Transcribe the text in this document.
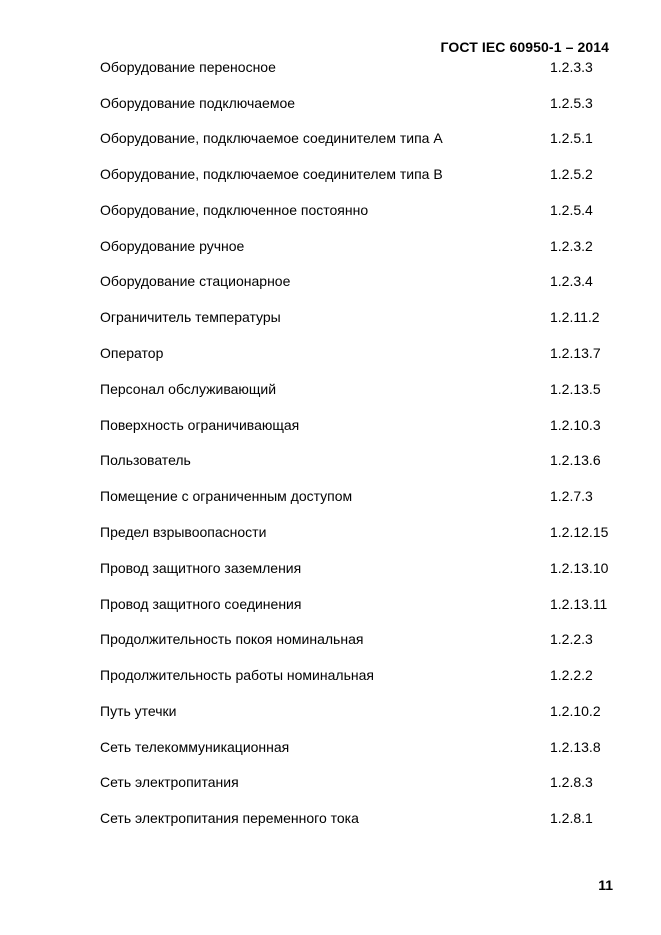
ГОСТ IEC 60950-1 – 2014
Оборудование переносное	1.2.3.3
Оборудование подключаемое	1.2.5.3
Оборудование, подключаемое соединителем типа А	1.2.5.1
Оборудование, подключаемое соединителем типа В	1.2.5.2
Оборудование, подключенное постоянно	1.2.5.4
Оборудование ручное	1.2.3.2
Оборудование стационарное	1.2.3.4
Ограничитель температуры	1.2.11.2
Оператор	1.2.13.7
Персонал обслуживающий	1.2.13.5
Поверхность ограничивающая	1.2.10.3
Пользователь	1.2.13.6
Помещение с ограниченным доступом	1.2.7.3
Предел взрывоопасности	1.2.12.15
Провод защитного заземления	1.2.13.10
Провод защитного соединения	1.2.13.11
Продолжительность покоя номинальная	1.2.2.3
Продолжительность работы номинальная	1.2.2.2
Путь утечки	1.2.10.2
Сеть телекоммуникационная	1.2.13.8
Сеть электропитания	1.2.8.3
Сеть электропитания переменного тока	1.2.8.1
11
